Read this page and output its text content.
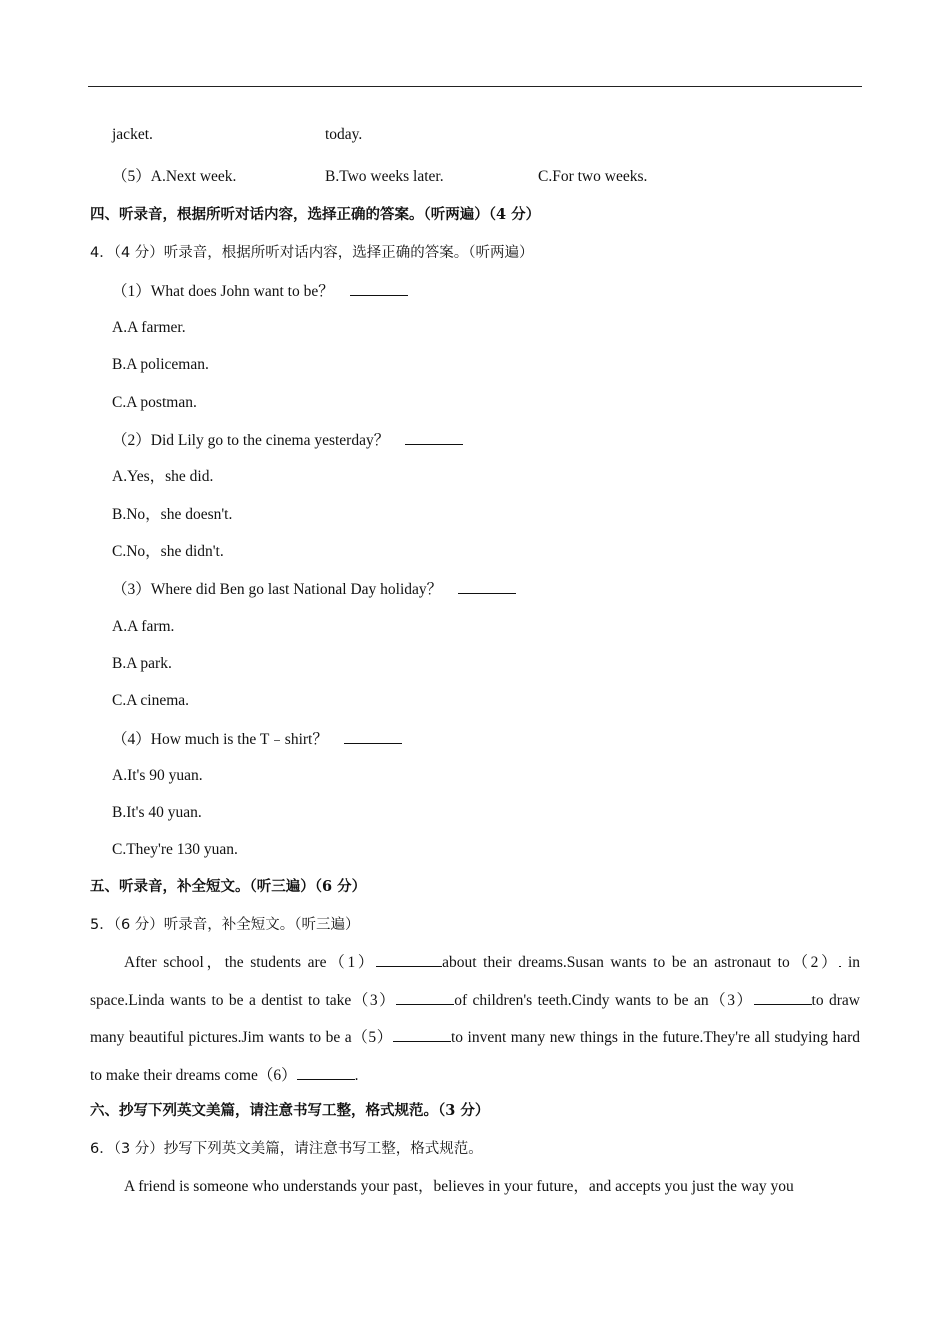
jacket.	today.
（5）A.Next week.	B.Two weeks later.	C.For two weeks.
四、听录音，根据所听对话内容，选择正确的答案。（听两遍）（4 分）
4．（4 分）听录音，根据所听对话内容，选择正确的答案。（听两遍）
（1）What does John want to be？
A.A farmer.
B.A policeman.
C.A postman.
（2）Did Lily go to the cinema yesterday？
A.Yes，she did.
B.No，she doesn't.
C.No，she didn't.
（3）Where did Ben go last National Day holiday？
A.A farm.
B.A park.
C.A cinema.
（4）How much is the T﹣shirt？
A.It's 90 yuan.
B.It's 40 yuan.
C.They're 130 yuan.
五、听录音，补全短文。（听三遍）（6 分）
5．（6 分）听录音，补全短文。（听三遍）
After school，the students are（1）	about their dreams.Susan wants to be an astronaut to（2） in space.Linda wants to be a dentist to take（3）	of children's teeth.Cindy wants to be an（3）	to draw many beautiful pictures.Jim wants to be a（5）	to invent many new things in the future.They're all studying hard to make their dreams come（6）	.
六、抄写下列英文美篇，请注意书写工整，格式规范。（3 分）
6．（3 分）抄写下列英文美篇，请注意书写工整，格式规范。
A friend is someone who understands your past，believes in your future，and accepts you just the way you
